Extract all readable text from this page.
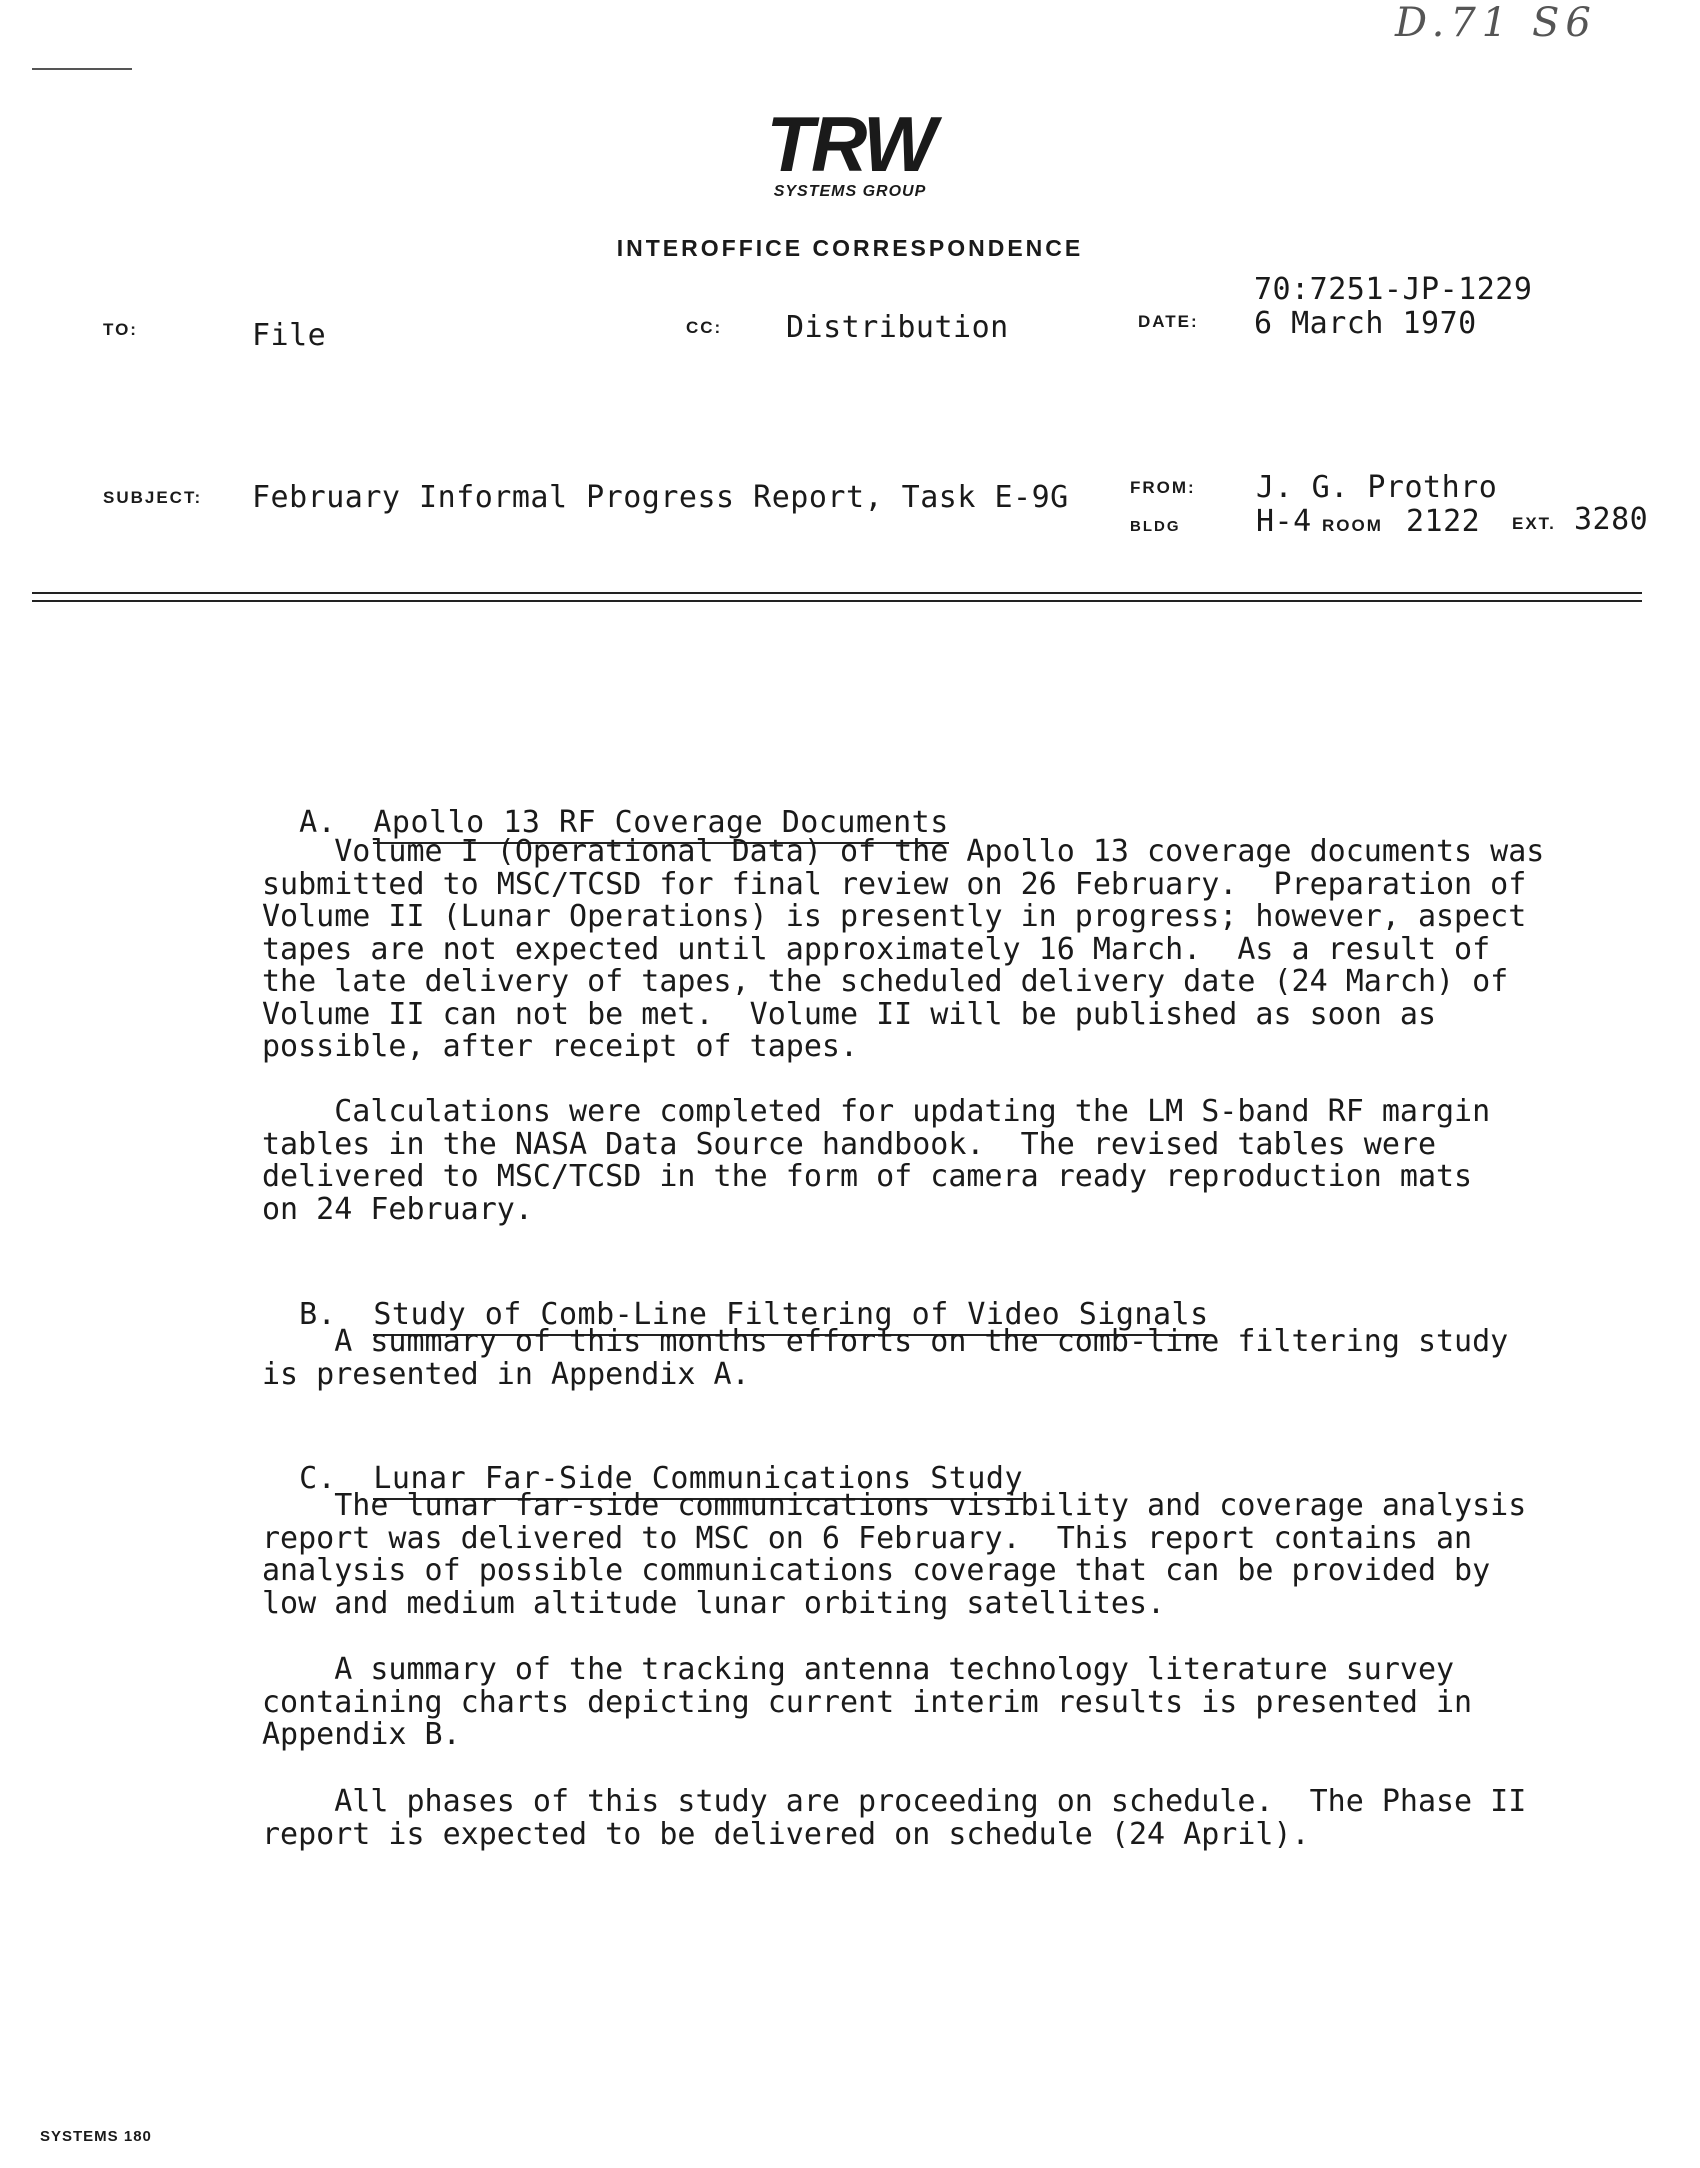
D.71 S6
TRW
SYSTEMS GROUP
INTEROFFICE CORRESPONDENCE
TO:	File	CC: Distribution
70:7251-JP-1229
DATE: 6 March 1970
SUBJECT: February Informal Progress Report, Task E-9G	FROM: J. G. Prothro
BLDG	H-4 ROOM 2122 EXT. 3280

A. Apollo 13 RF Coverage Documents

Volume I (Operational Data) of the Apollo 13 coverage documents was
submitted to MSC/TCSD for final review on 26 February.  Preparation of
Volume II (Lunar Operations) is presently in progress; however, aspect
tapes are not expected until approximately 16 March.  As a result of
the late delivery of tapes, the scheduled delivery date (24 March) of
Volume II can not be met.  Volume II will be published as soon as
possible, after receipt of tapes.
Calculations were completed for updating the LM S-band RF margin
tables in the NASA Data Source handbook.  The revised tables were
delivered to MSC/TCSD in the form of camera ready reproduction mats
on 24 February.

B. Study of Comb-Line Filtering of Video Signals

A summary of this months efforts on the comb-line filtering study
is presented in Appendix A.

C. Lunar Far-Side Communications Study

The lunar far-side communications visibility and coverage analysis
report was delivered to MSC on 6 February.  This report contains an
analysis of possible communications coverage that can be provided by
low and medium altitude lunar orbiting satellites.
A summary of the tracking antenna technology literature survey
containing charts depicting current interim results is presented in
Appendix B.
All phases of this study are proceeding on schedule.  The Phase II
report is expected to be delivered on schedule (24 April).
SYSTEMS 180
